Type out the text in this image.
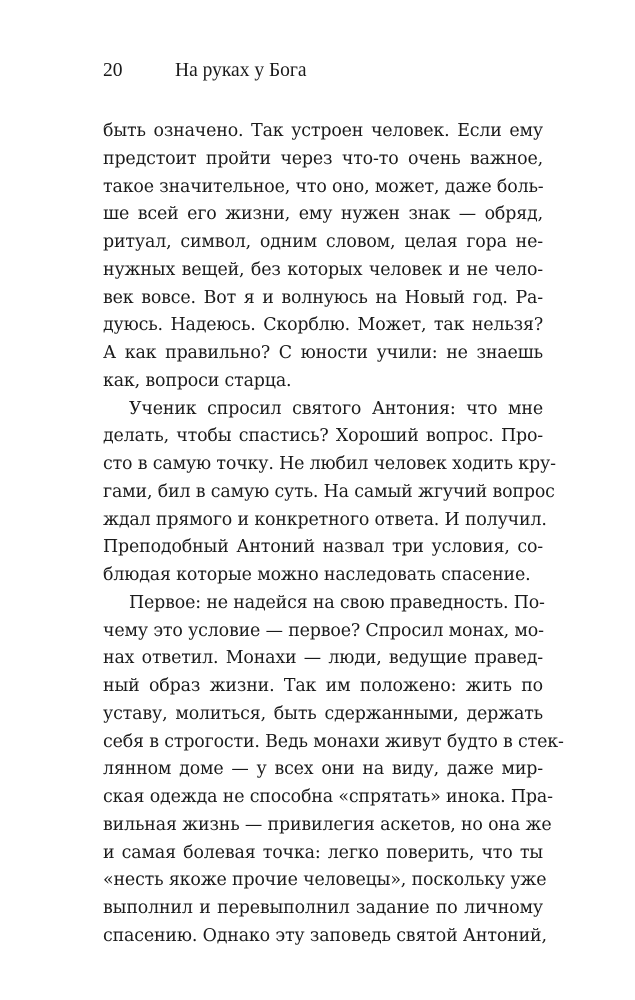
20	На руках у Бога
быть означено. Так устроен человек. Если ему
предстоит пройти через что-то очень важное,
такое значительное, что оно, может, даже боль-
ше всей его жизни, ему нужен знак — обряд,
ритуал, символ, одним словом, целая гора не-
нужных вещей, без которых человек и не чело-
век вовсе. Вот я и волнуюсь на Новый год. Ра-
дуюсь. Надеюсь. Скорблю. Может, так нельзя?
А как правильно? С юности учили: не знаешь
как, вопроси старца.
Ученик спросил святого Антония: что мне
делать, чтобы спастись? Хороший вопрос. Про-
сто в самую точку. Не любил человек ходить кру-
гами, бил в самую суть. На самый жгучий вопрос
ждал прямого и конкретного ответа. И получил.
Преподобный Антоний назвал три условия, со-
блюдая которые можно наследовать спасение.
Первое: не надейся на свою праведность. По-
чему это условие — первое? Спросил монах, мо-
нах ответил. Монахи — люди, ведущие правед-
ный образ жизни. Так им положено: жить по
уставу, молиться, быть сдержанными, держать
себя в строгости. Ведь монахи живут будто в стек-
лянном доме — у всех они на виду, даже мир-
ская одежда не способна «спрятать» инока. Пра-
вильная жизнь — привилегия аскетов, но она же
и самая болевая точка: легко поверить, что ты
«несть якоже прочие человецы», поскольку уже
выполнил и перевыполнил задание по личному
спасению. Однако эту заповедь святой Антоний,
